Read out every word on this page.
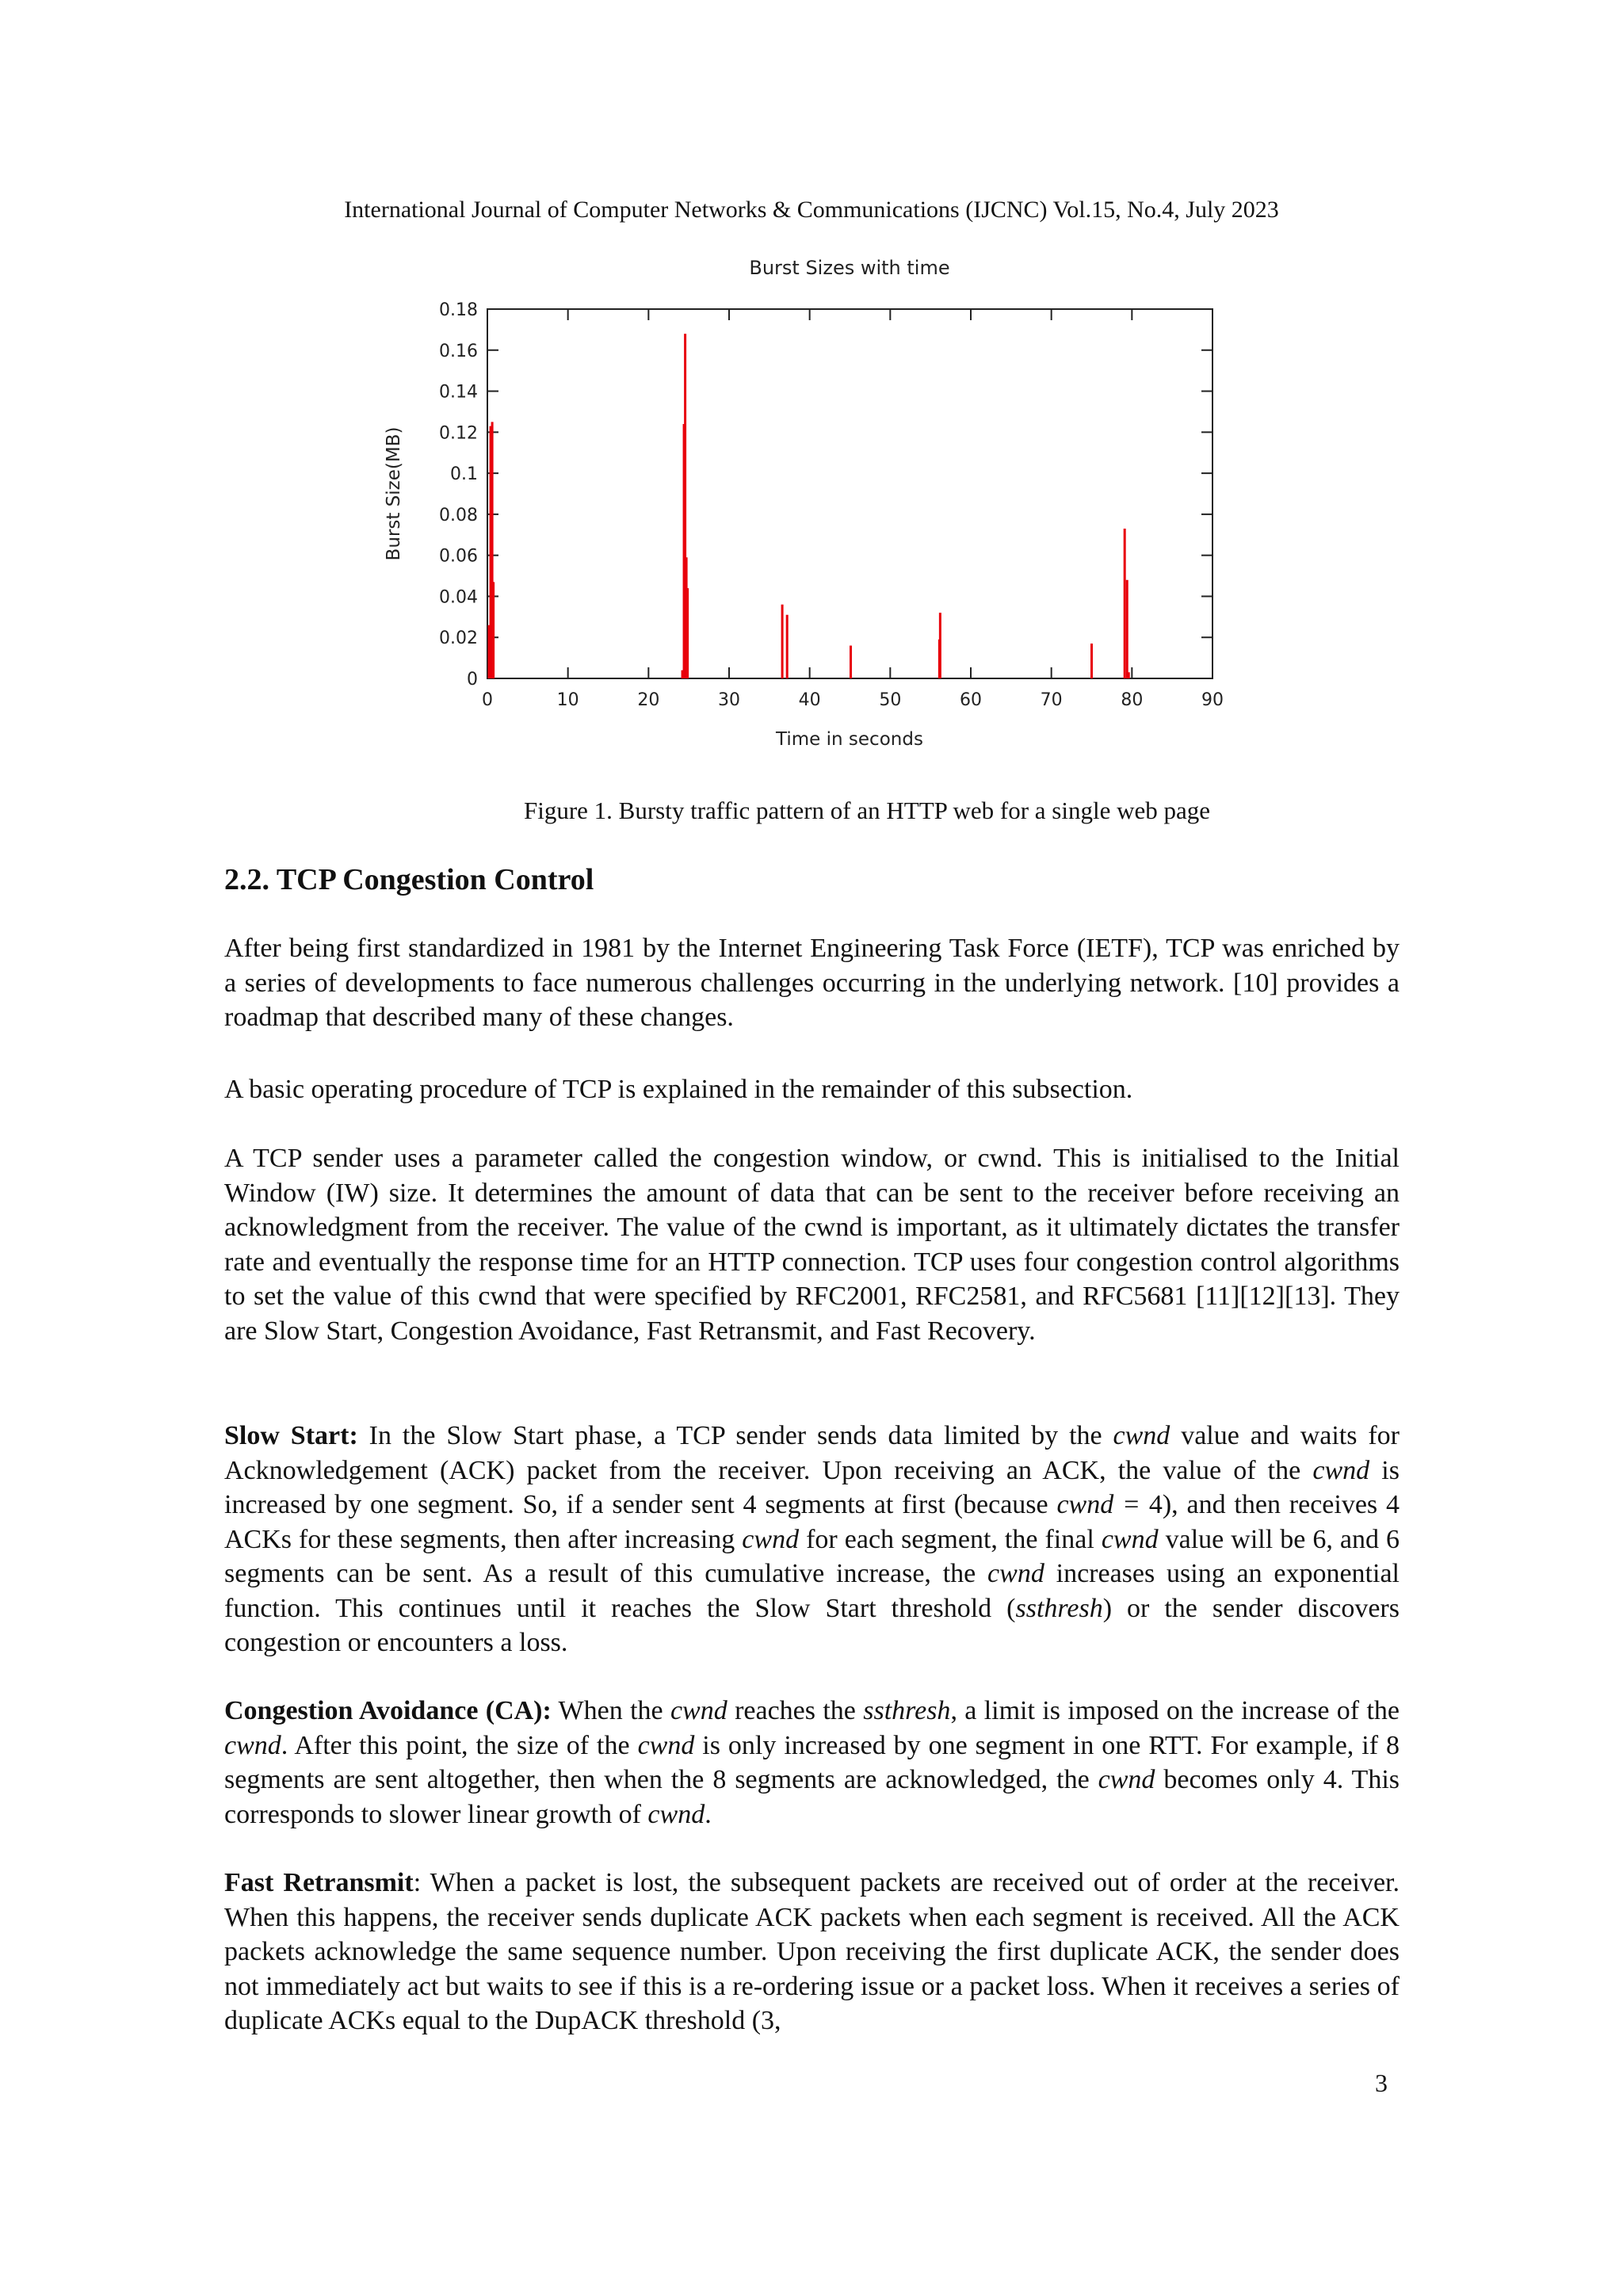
International Journal of Computer Networks & Communications (IJCNC) Vol.15, No.4, July 2023
Burst Sizes with time
0
0.02
0.04
0.06
0.08
0.1
0.12
0.14
0.16
0.18
0	10	20	30	40	50	60	70	80	90
Time in seconds
Burst Size(MB)
Figure 1. Bursty traffic pattern of an HTTP web for a single web page
2.2. TCP Congestion Control

After being first standardized in 1981 by the Internet Engineering Task Force (IETF), TCP was enriched by a series of developments to face numerous challenges occurring in the underlying network. [10] provides a roadmap that described many of these changes.

A basic operating procedure of TCP is explained in the remainder of this subsection.

A TCP sender uses a parameter called the congestion window, or cwnd. This is initialised to the Initial Window (IW) size. It determines the amount of data that can be sent to the receiver before receiving an acknowledgment from the receiver. The value of the cwnd is important, as it ultimately dictates the transfer rate and eventually the response time for an HTTP connection. TCP uses four congestion control algorithms to set the value of this cwnd that were specified by RFC2001, RFC2581, and RFC5681 [11][12][13]. They are Slow Start, Congestion Avoidance, Fast Retransmit, and Fast Recovery.

Slow Start: In the Slow Start phase, a TCP sender sends data limited by the cwnd value and waits for Acknowledgement (ACK) packet from the receiver. Upon receiving an ACK, the value of the cwnd is increased by one segment. So, if a sender sent 4 segments at first (because cwnd = 4), and then receives 4 ACKs for these segments, then after increasing cwnd for each segment, the final cwnd value will be 6, and 6 segments can be sent. As a result of this cumulative increase, the cwnd increases using an exponential function. This continues until it reaches the Slow Start threshold (ssthresh) or the sender discovers congestion or encounters a loss.

Congestion Avoidance (CA): When the cwnd reaches the ssthresh, a limit is imposed on the increase of the cwnd. After this point, the size of the cwnd is only increased by one segment in one RTT. For example, if 8 segments are sent altogether, then when the 8 segments are acknowledged, the cwnd becomes only 4. This corresponds to slower linear growth of cwnd.

Fast Retransmit: When a packet is lost, the subsequent packets are received out of order at the receiver. When this happens, the receiver sends duplicate ACK packets when each segment is received. All the ACK packets acknowledge the same sequence number. Upon receiving the first duplicate ACK, the sender does not immediately act but waits to see if this is a re-ordering issue or a packet loss. When it receives a series of duplicate ACKs equal to the DupACK threshold (3,

3
